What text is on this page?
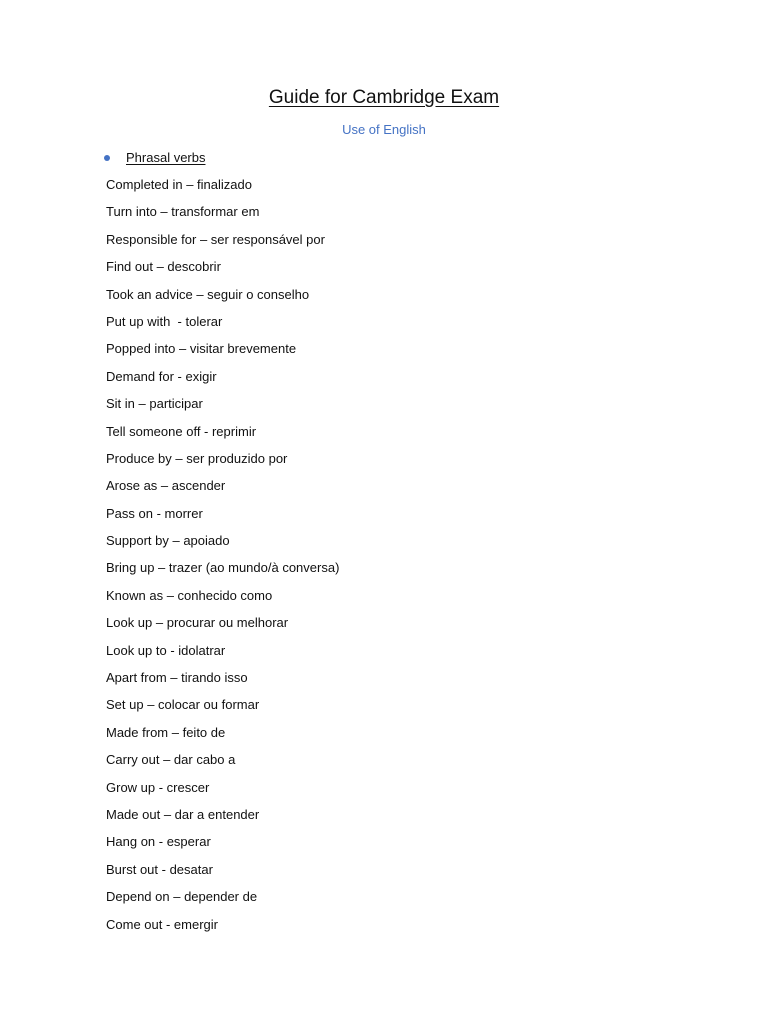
Guide for Cambridge Exam
Use of English
Phrasal verbs
Completed in – finalizado
Turn into – transformar em
Responsible for – ser responsável por
Find out – descobrir
Took an advice – seguir o conselho
Put up with  - tolerar
Popped into – visitar brevemente
Demand for - exigir
Sit in – participar
Tell someone off - reprimir
Produce by – ser produzido por
Arose as – ascender
Pass on - morrer
Support by – apoiado
Bring up – trazer (ao mundo/à conversa)
Known as – conhecido como
Look up – procurar ou melhorar
Look up to - idolatrar
Apart from – tirando isso
Set up – colocar ou formar
Made from – feito de
Carry out – dar cabo a
Grow up - crescer
Made out – dar a entender
Hang on - esperar
Burst out - desatar
Depend on – depender de
Come out - emergir
